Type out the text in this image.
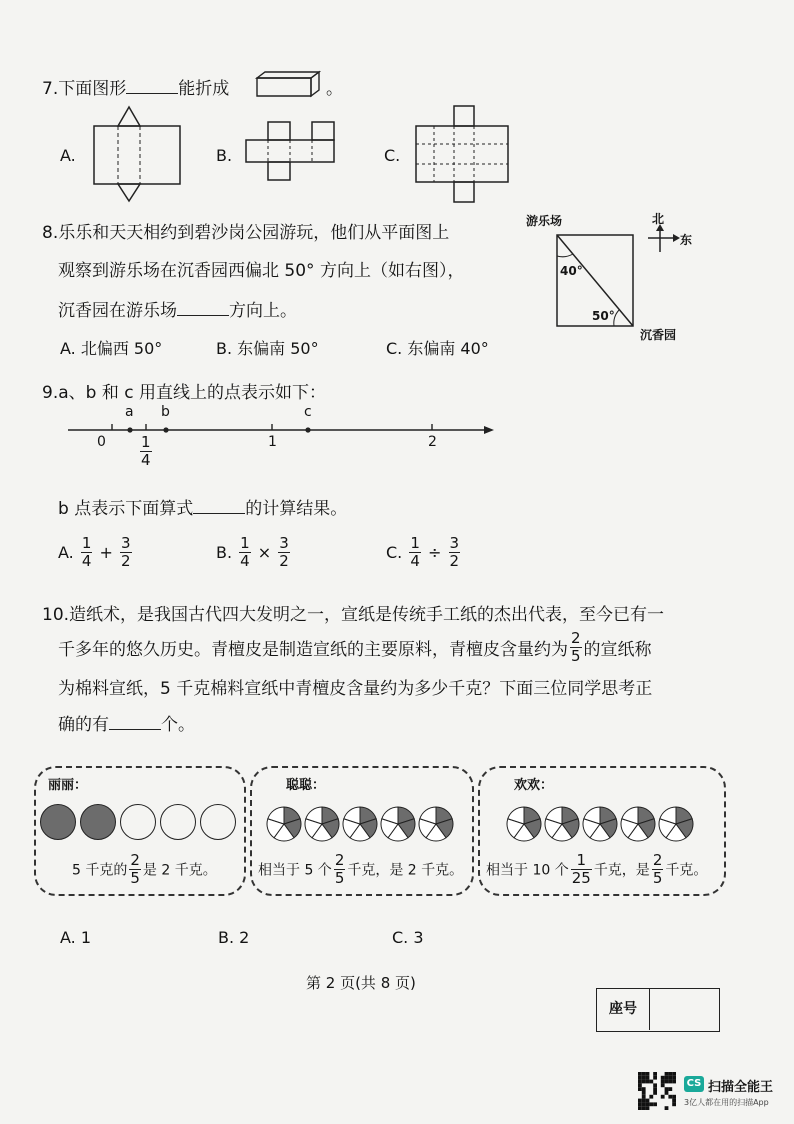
7.下面图形	能折成	。
A.	B.	C.
8.乐乐和天天相约到碧沙岗公园游玩，他们从平面图上
观察到游乐场在沉香园西偏北 50° 方向上（如右图），
沉香园在游乐场	方向上。
A. 北偏西 50°	B. 东偏南 50°	C. 东偏南 40°
游乐场
40°
50°
沉香园
北
东
9.a、b 和 c 用直线上的点表示如下：
0	1	2
a b	c
$\frac{1}{4}$
b 点表示下面算式	的计算结果。
A. $\frac{1}{4} + \frac{3}{2}$	B. $\frac{1}{4} \times \frac{3}{2}$	C. $\frac{1}{4} \div \frac{3}{2}$
10.造纸术，是我国古代四大发明之一，宣纸是传统手工纸的杰出代表，至今已有一
千多年的悠久历史。青檀皮是制造宣纸的主要原料，青檀皮含量约为 $\frac{2}{5}$ 的宣纸称
为棉料宣纸，5 千克棉料宣纸中青檀皮含量约为多少千克？下面三位同学思考正
确的有	个。
丽丽：
5 千克的 $\frac{2}{5}$ 是 2 千克。
聪聪：
相当于 5 个 $\frac{2}{5}$ 千克，是 2 千克。
欢欢：
相当于 10 个 $\frac{1}{25}$ 千克，是 $\frac{2}{5}$ 千克。
A. 1	B. 2	C. 3
第 2 页(共 8 页)
座号
CS 扫描全能王
3亿人都在用的扫描App
